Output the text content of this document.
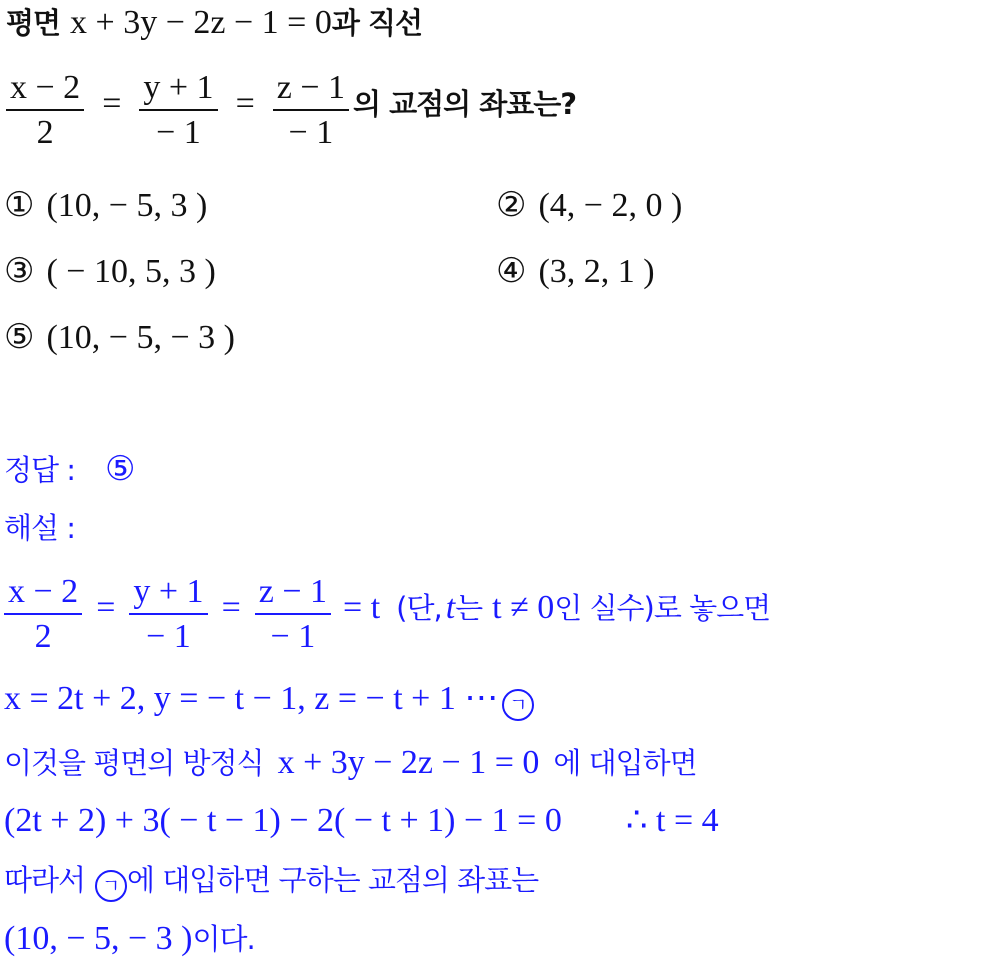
평면 x + 3y − 2z − 1 = 0과 직선
$\frac{x - 2}{2} = \frac{y + 1}{- 1} = \frac{z - 1}{- 1}$ 의 교점의 좌표는?
① (10, − 5, 3 )	② (4, − 2, 0 )
③ ( − 10, 5, 3 )	④ (3, 2, 1 )
⑤ (10, − 5, − 3 )
정답 : ⑤
해설 :
$\frac{x - 2}{2} = \frac{y + 1}{- 1} = \frac{z - 1}{- 1} = t$ (단, t는 t ≠ 0인 실수)로 놓으면
x = 2t + 2, y = − t − 1, z = − t + 1 ⋯ ㄱ
이것을 평면의 방정식 x + 3y − 2z − 1 = 0 에 대입하면
(2t + 2) + 3( − t − 1) − 2( − t + 1) − 1 = 0 ∴ t = 4
따라서 ㄱ 에 대입하면 구하는 교점의 좌표는
(10, − 5, − 3 )이다.
